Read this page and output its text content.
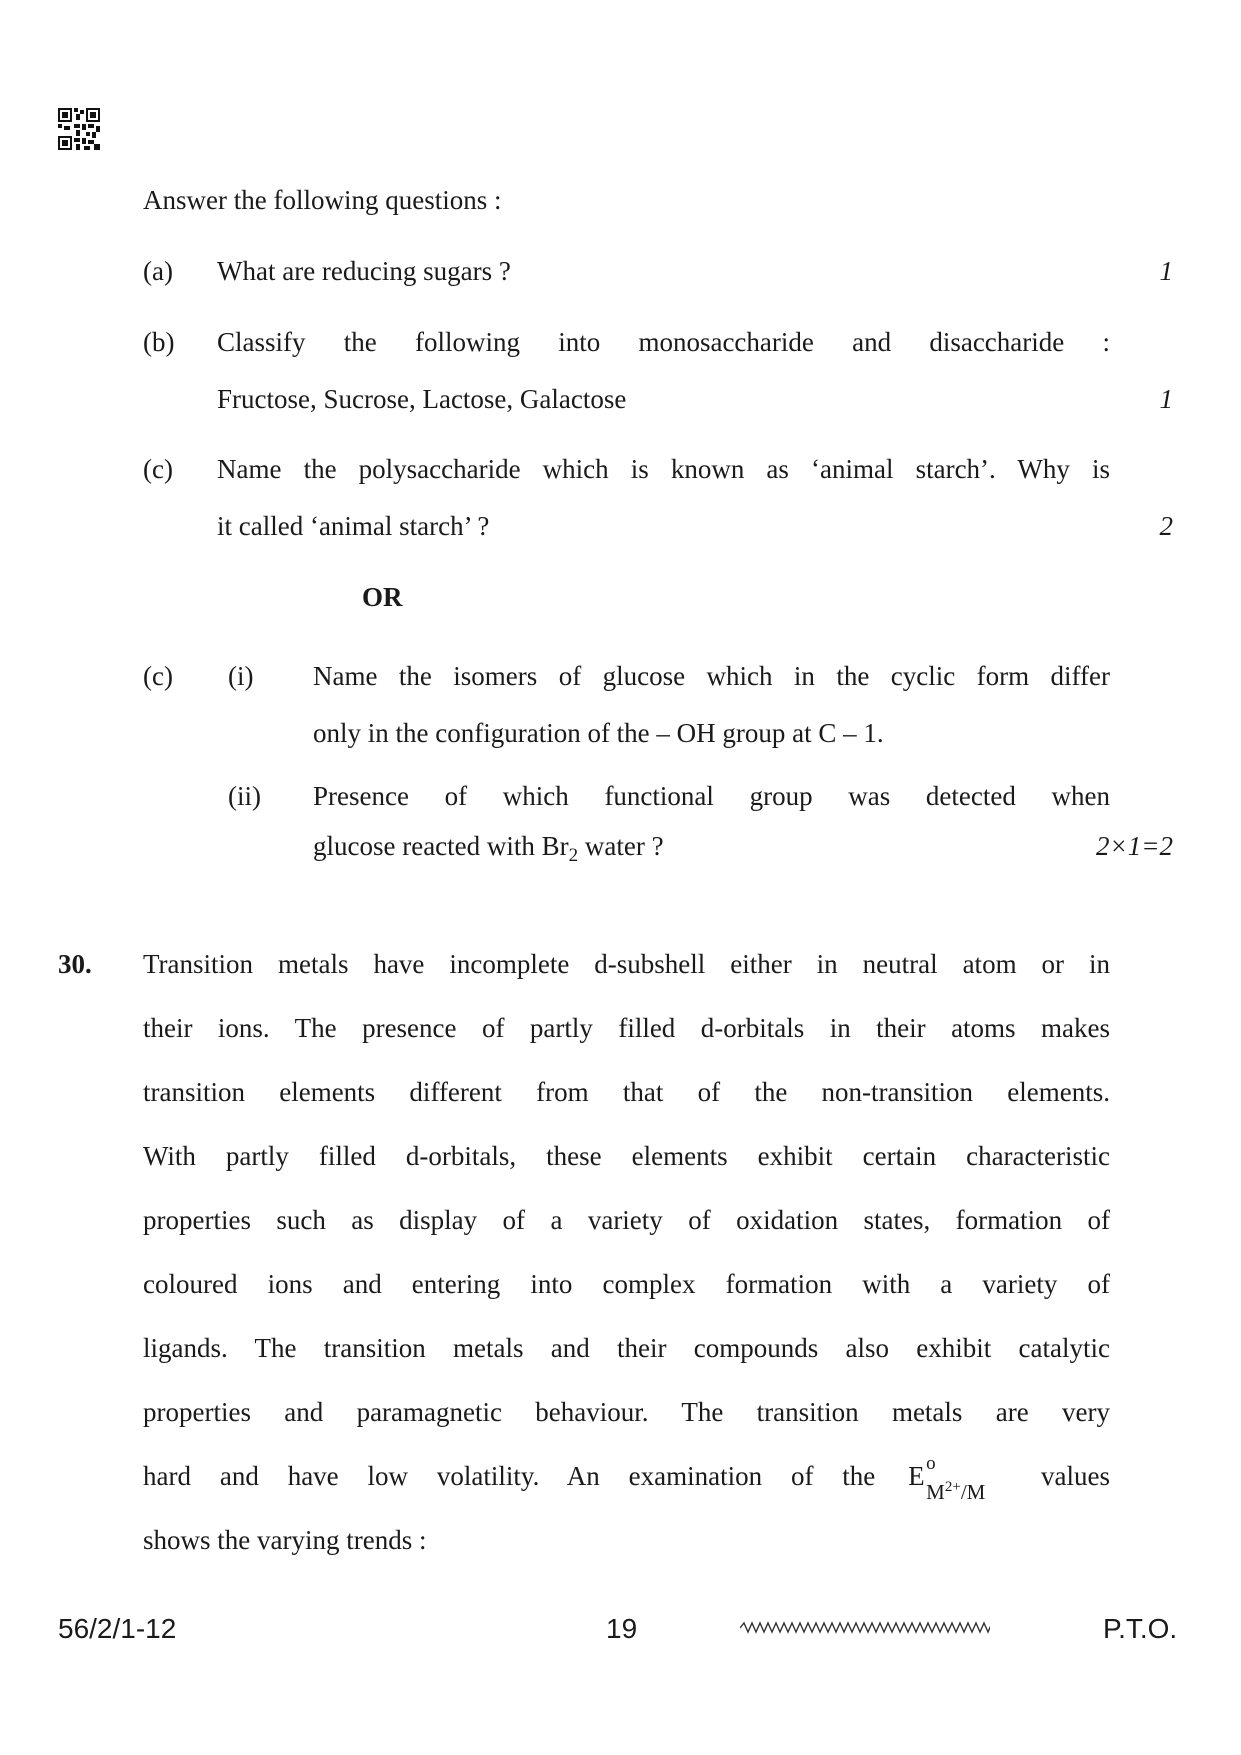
Answer the following questions :
(a) What are reducing sugars ?	1
(b) Classify the following into monosaccharide and disaccharide :
Fructose, Sucrose, Lactose, Galactose	1
(c) Name the polysaccharide which is known as ‘animal starch’. Why is
it called ‘animal starch’ ?	2
OR
(c) (i) Name the isomers of glucose which in the cyclic form differ
only in the configuration of the – OH group at C – 1.
(ii) Presence of which functional group was detected when
glucose reacted with $Br_2$ water ?	2×1=2
30. Transition metals have incomplete d-subshell either in neutral atom or in
their ions. The presence of partly filled d-orbitals in their atoms makes
transition elements different from that of the non-transition elements.
With partly filled d-orbitals, these elements exhibit certain characteristic
properties such as display of a variety of oxidation states, formation of
coloured ions and entering into complex formation with a variety of
ligands. The transition metals and their compounds also exhibit catalytic
properties and paramagnetic behaviour. The transition metals are very
hard and have low volatility. An examination of the E o
$M^{2+}/M$
values
shows the varying trends :
56/2/1-12	19	P.T.O.
